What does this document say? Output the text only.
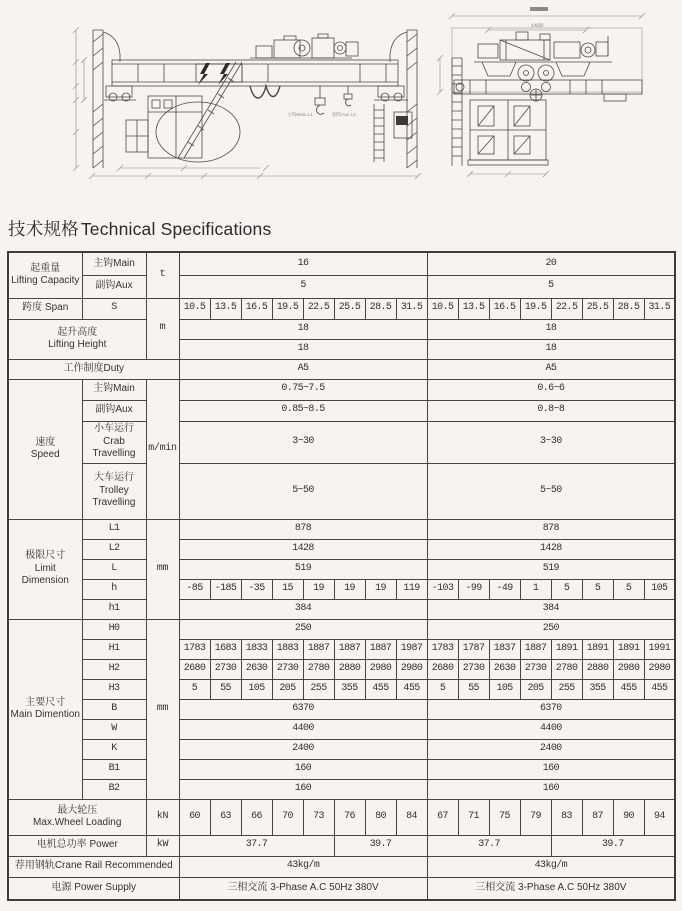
主钩Main L1	副钩Aux L2
1428
技术规格 Technical Specifications
起重量
Lifting Capacity	主钩Main	t	16								20							
	副钩Aux		5								5							
跨度 Span	S	m	10.5	13.5	16.5	19.5	22.5	25.5	28.5	31.5	10.5	13.5	16.5	19.5	22.5	25.5	28.5	31.5
起升高度
Lifting Height			18								18							
			18								18							
工作制度Duty			A5								A5							
速度
Speed	主钩Main	m/min	0.75~7.5								0.6~6							
	副钩Aux		0.85~8.5								0.8~8							
	小车运行Crab Travelling		3~30								3~30							
	大车运行 Trolley Travelling		5~50								5~50							
极限尺寸
Limit Dimension	L1	mm	878								878							
	L2		1428								1428							
	L		519								519							
	h		-85	-185	-35	15	19	19	19	119	-103	-99	-49	1	5	5	5	105
	h1		384								384							
主要尺寸
Main Dimention	H0	mm	250								250							
	H1		1783	1683	1833	1883	1887	1887	1887	1987	1783	1787	1837	1887	1891	1891	1891	1991
	H2		2680	2730	2630	2730	2780	2880	2980	2980	2680	2730	2630	2730	2780	2880	2980	2980
	H3		5	55	105	205	255	355	455	455	5	55	105	205	255	355	455	455
	B		6370								6370							
	W		4400								4400							
	K		2400								2400							
	B1		160								160							
	B2		160								160							
最大轮压
Max.Wheel Loading		kN	60	63	66	70	73	76	80	84	67	71	75	79	83	87	90	94
电机总功率 Power		kW	37.7					39.7			37.7				39.7			
荐用钢轨Crane Rail Recommended			43kg/m								43kg/m							
电源 Power Supply			三相交流 3-Phase A.C 50Hz 380V								三相交流 3-Phase A.C 50Hz 380V							
